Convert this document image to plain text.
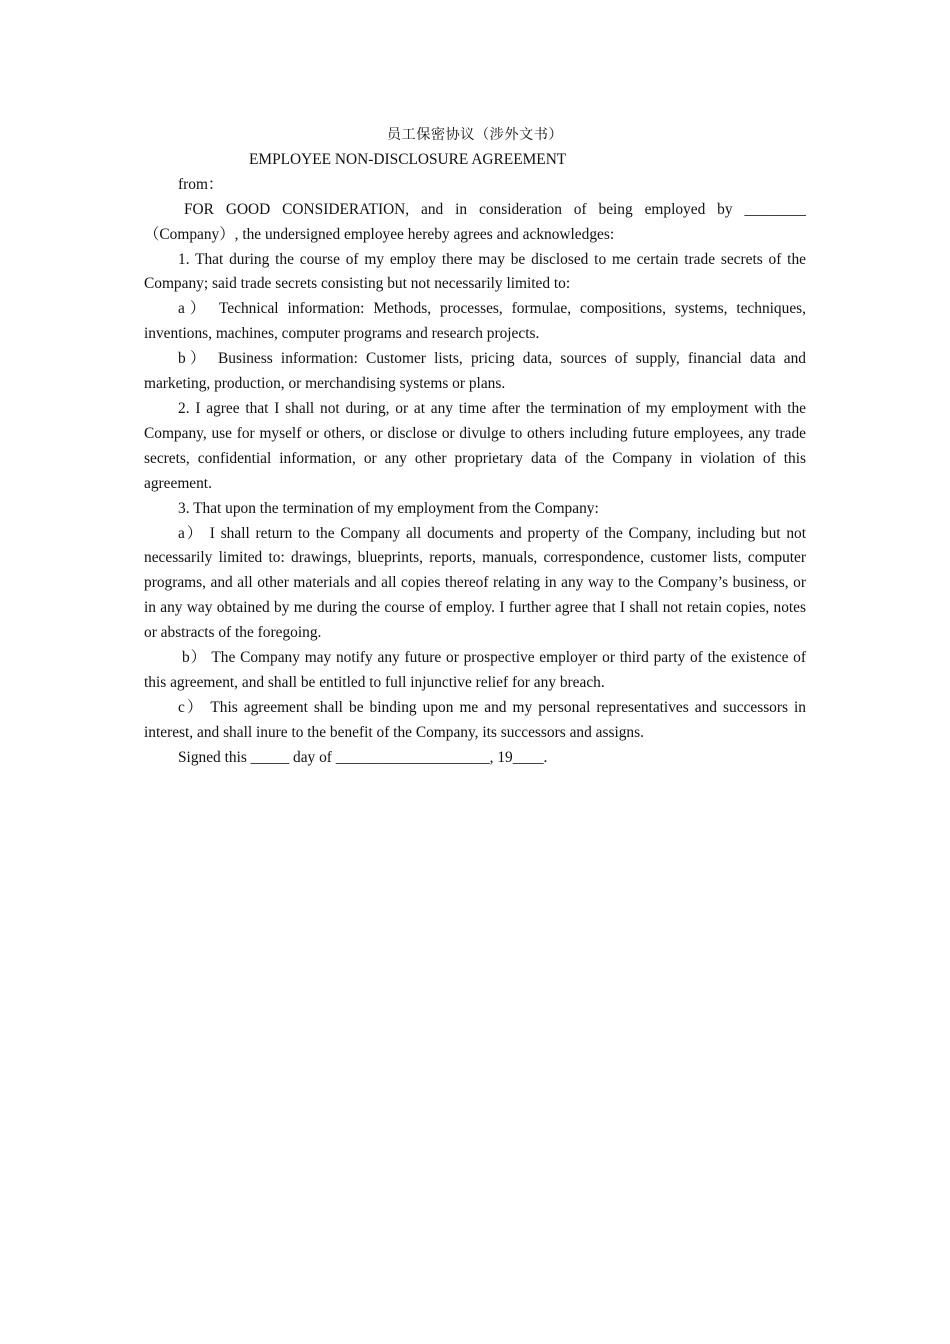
员工保密协议（涉外文书）
EMPLOYEE NON-DISCLOSURE AGREEMENT
from：

FOR GOOD CONSIDERATION, and in consideration of being employed by ________（Company）, the undersigned employee hereby agrees and acknowledges:

1. That during the course of my employ there may be disclosed to me certain trade secrets of the Company; said trade secrets consisting but not necessarily limited to:

a） Technical information: Methods, processes, formulae, compositions, systems, techniques, inventions, machines, computer programs and research projects.

b） Business information: Customer lists, pricing data, sources of supply, financial data and marketing, production, or merchandising systems or plans.

2. I agree that I shall not during, or at any time after the termination of my employment with the Company, use for myself or others, or disclose or divulge to others including future employees, any trade secrets, confidential information, or any other proprietary data of the Company in violation of this agreement.

3. That upon the termination of my employment from the Company:

a） I shall return to the Company all documents and property of the Company, including but not necessarily limited to: drawings, blueprints, reports, manuals, correspondence, customer lists, computer programs, and all other materials and all copies thereof relating in any way to the Company’s business, or in any way obtained by me during the course of employ. I further agree that I shall not retain copies, notes or abstracts of the foregoing.

b） The Company may notify any future or prospective employer or third party of the existence of this agreement, and shall be entitled to full injunctive relief for any breach.

c） This agreement shall be binding upon me and my personal representatives and successors in interest, and shall inure to the benefit of the Company, its successors and assigns.

Signed this _____ day of ____________________, 19____.
